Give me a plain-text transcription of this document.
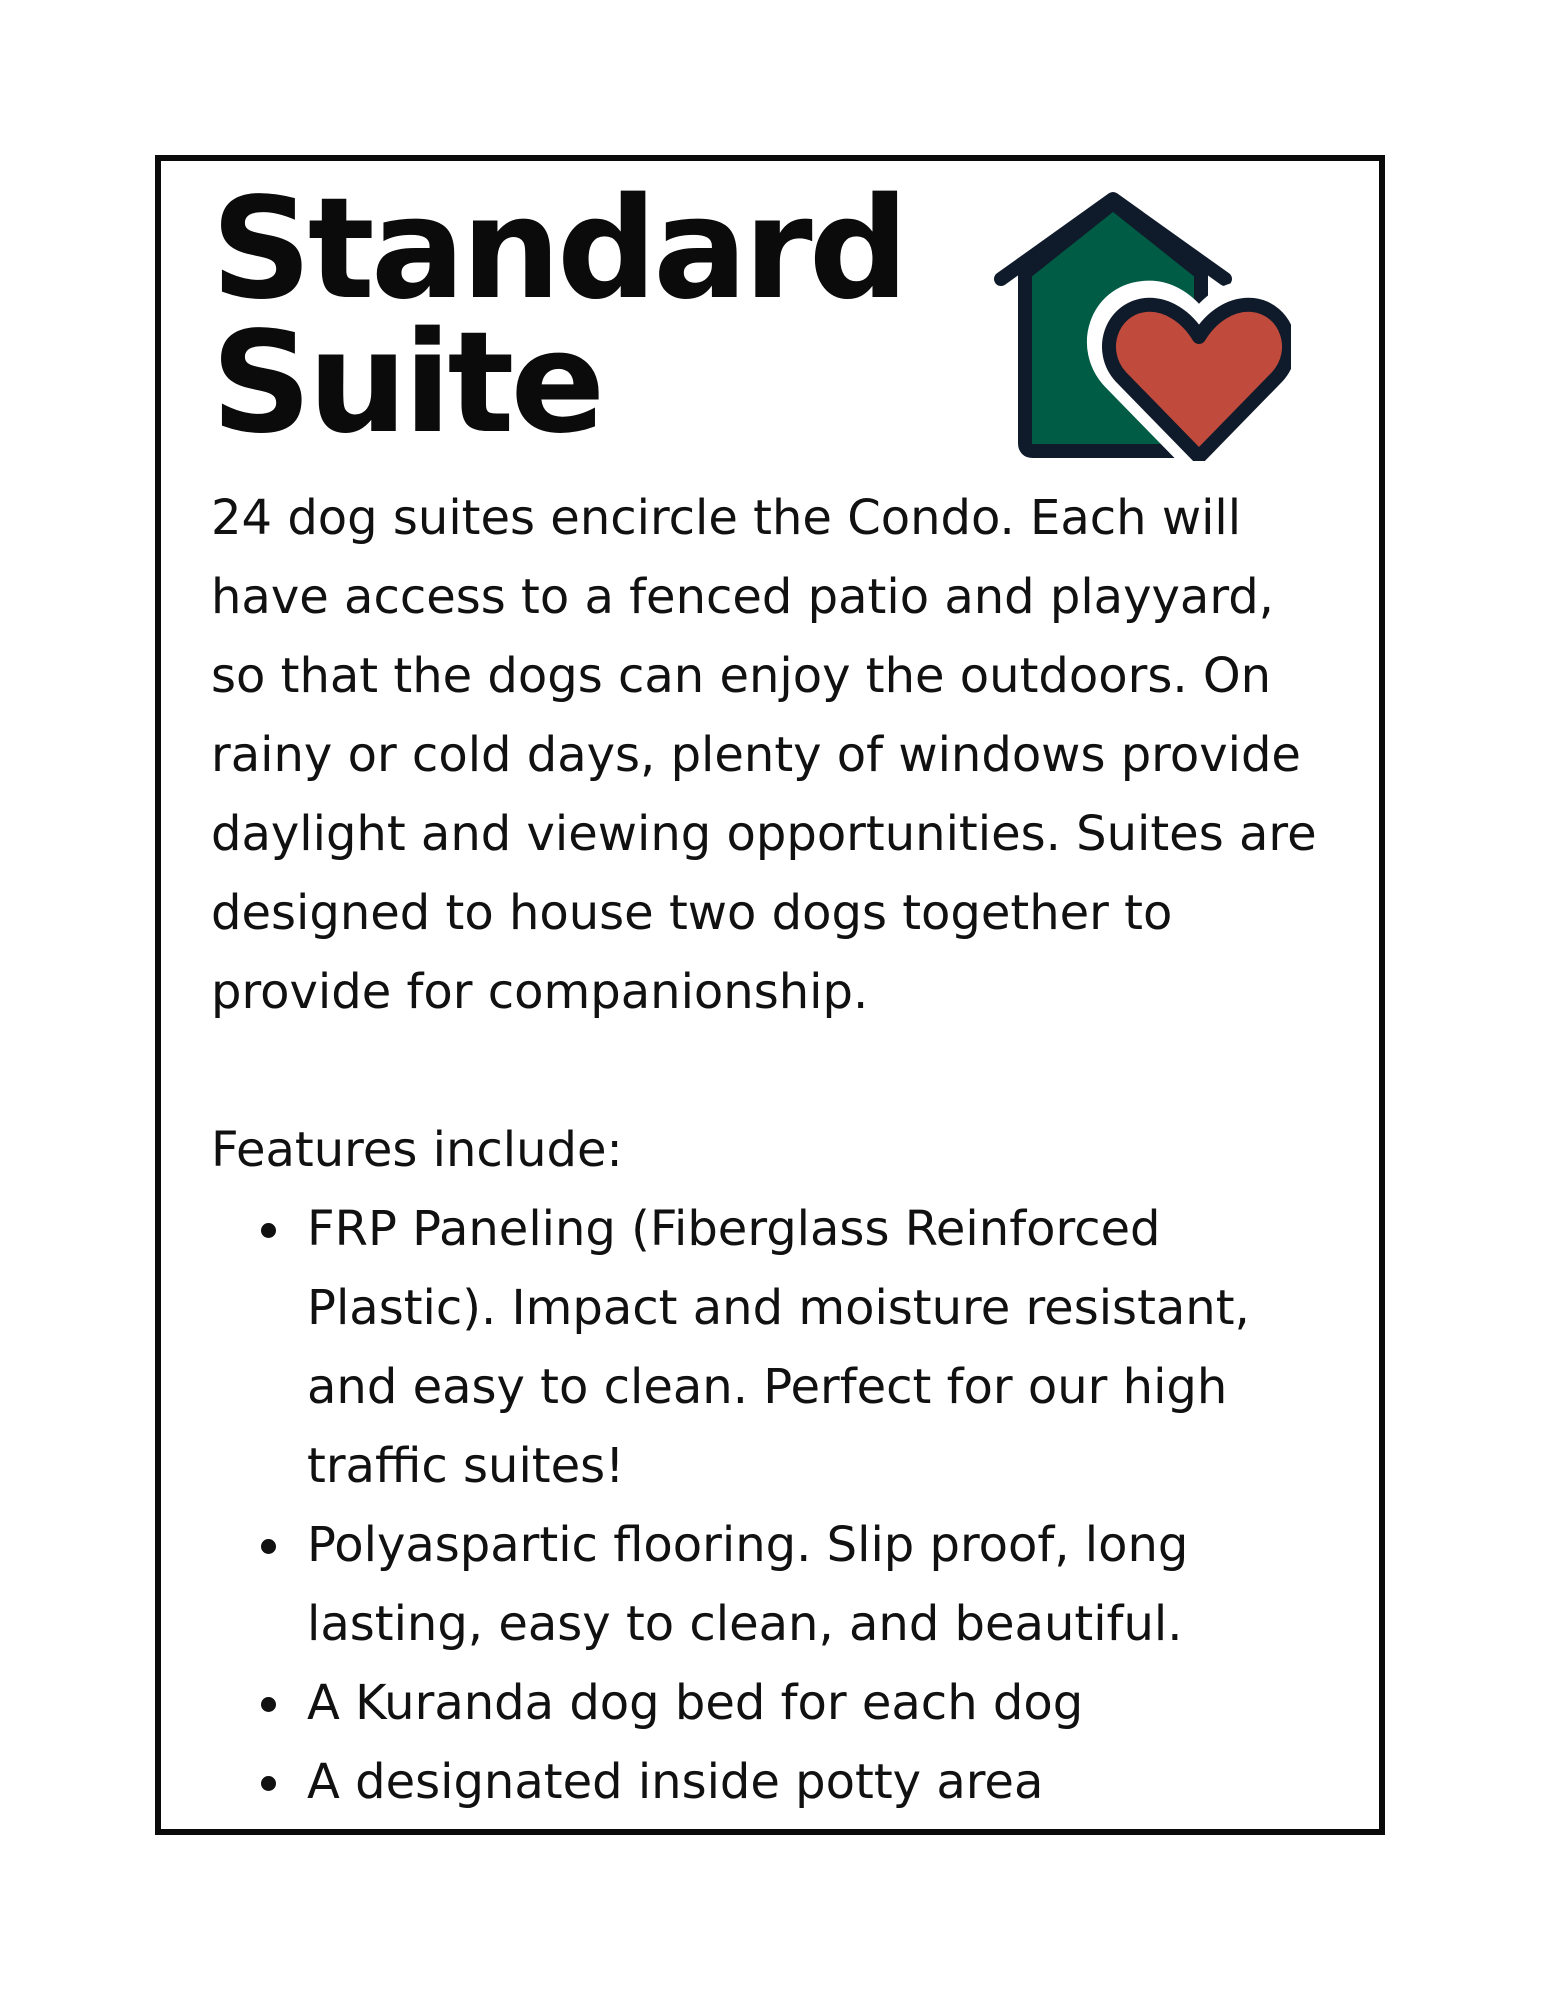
Standard
Suite

24 dog suites encircle the Condo. Each will have access to a fenced patio and playyard, so that the dogs can enjoy the outdoors. On rainy or cold days, plenty of windows provide daylight and viewing opportunities. Suites are designed to house two dogs together to provide for companionship.

Features include:

FRP Paneling (Fiberglass Reinforced Plastic). Impact and moisture resistant, and easy to clean. Perfect for our high traffic suites!
Polyaspartic flooring. Slip proof, long lasting, easy to clean, and beautiful.
A Kuranda dog bed for each dog
A designated inside potty area
